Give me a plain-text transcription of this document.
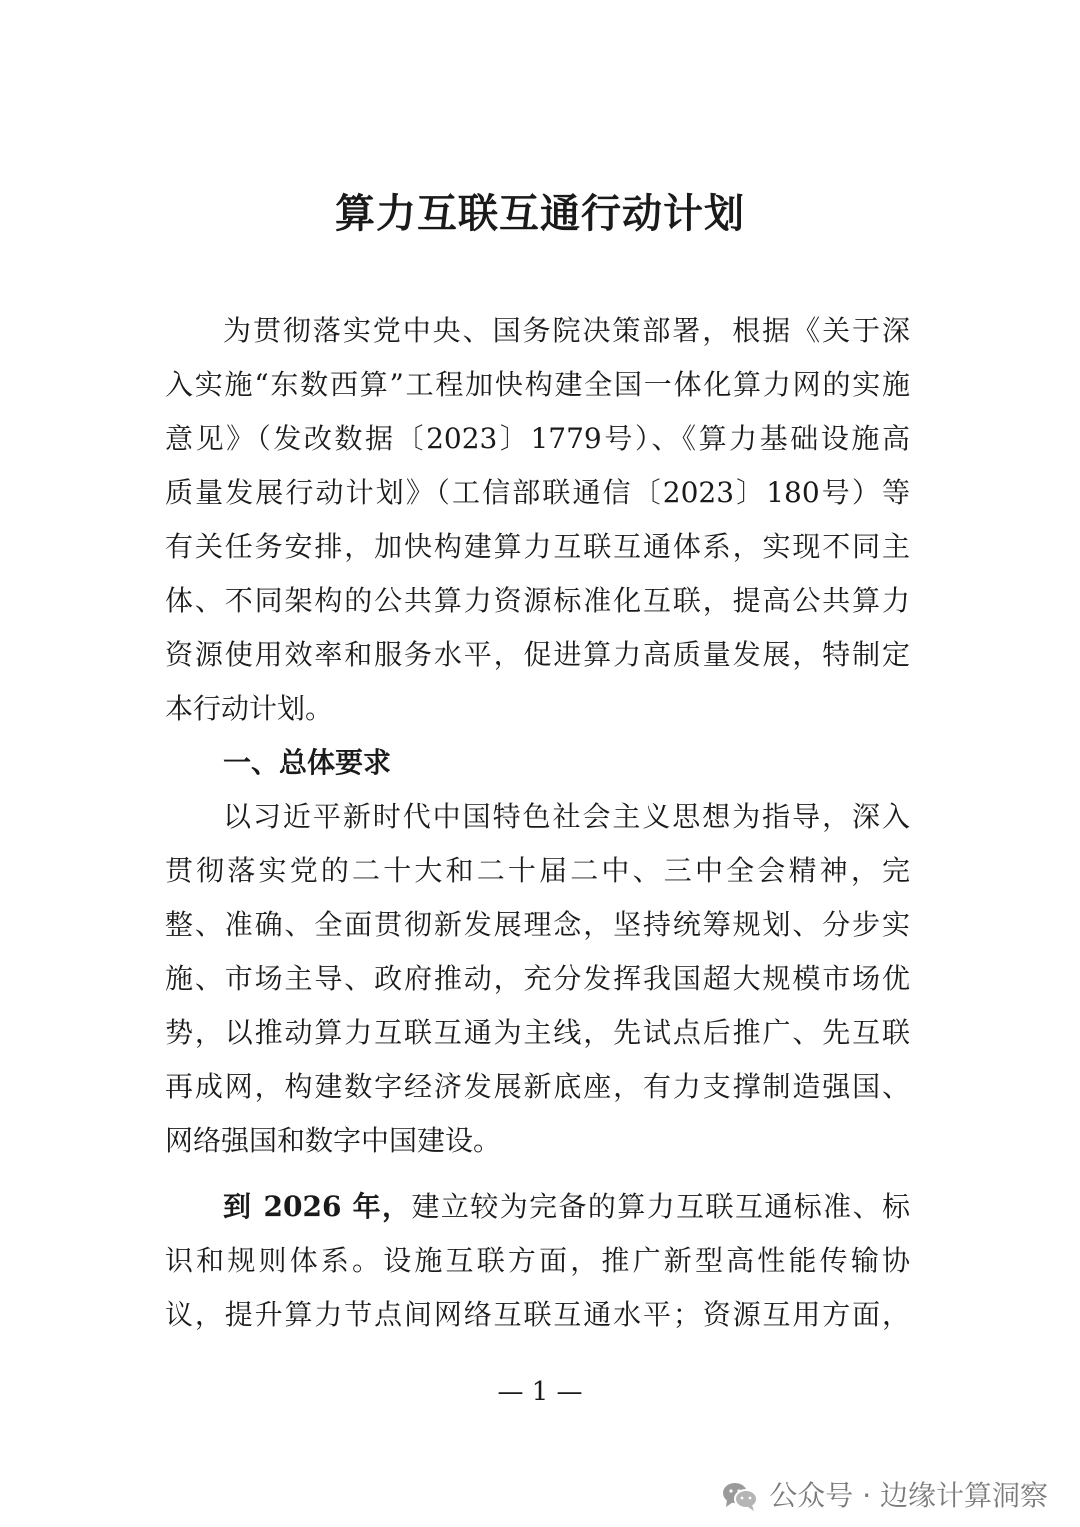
算力互联互通行动计划
为贯彻落实党中央、国务院决策部署，根据《关于深
入实施“东数西算”工程加快构建全国一体化算力网的实施
意见》（发改数据〔2023〕1779号）、《算力基础设施高
质量发展行动计划》（工信部联通信〔2023〕180号）等
有关任务安排，加快构建算力互联互通体系，实现不同主
体、不同架构的公共算力资源标准化互联，提高公共算力
资源使用效率和服务水平，促进算力高质量发展，特制定
本行动计划。
一、总体要求
以习近平新时代中国特色社会主义思想为指导，深入
贯彻落实党的二十大和二十届二中、三中全会精神，完
整、准确、全面贯彻新发展理念，坚持统筹规划、分步实
施、市场主导、政府推动，充分发挥我国超大规模市场优
势，以推动算力互联互通为主线，先试点后推广、先互联
再成网，构建数字经济发展新底座，有力支撑制造强国、
网络强国和数字中国建设。
到 2026 年，建立较为完备的算力互联互通标准、标
识和规则体系。设施互联方面，推广新型高性能传输协
议，提升算力节点间网络互联互通水平；资源互用方面，
— 1 —
公众号 · 边缘计算洞察
